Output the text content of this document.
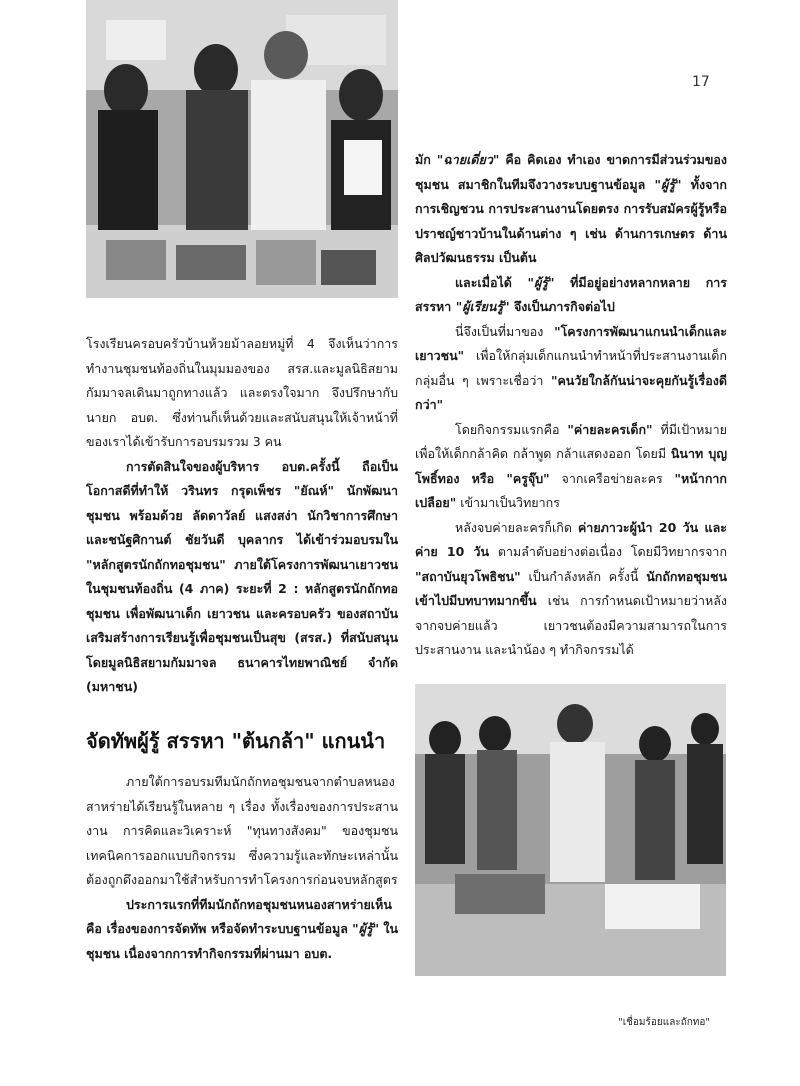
17

โรงเรียนครอบครัวบ้านห้วยม้าลอยหมู่ที่ 4 จึงเห็นว่าการทำงานชุมชนท้องถิ่นในมุมมองของ สรส.และมูลนิธิสยามกัมมาจลเดินมาถูกทางแล้ว และตรงใจมาก จึงปรึกษากับนายก อบต. ซึ่งท่านก็เห็นด้วยและสนับสนุนให้เจ้าหน้าที่ของเราได้เข้ารับการอบรมรวม 3 คน

การตัดสินใจของผู้บริหาร อบต.ครั้งนี้ ถือเป็นโอกาสดีที่ทำให้ วรินทร กรุดเพ็ชร "ยัณห์" นักพัฒนาชุมชน พร้อมด้วย ลัดดาวัลย์ แสงสง่า นักวิชาการศึกษา และชนัฐศิกานต์ ชัยวันดี บุคลากร ได้เข้าร่วมอบรมใน "หลักสูตรนักถักทอชุมชน" ภายใต้โครงการพัฒนาเยาวชนในชุมชนท้องถิ่น (4 ภาค) ระยะที่ 2 : หลักสูตรนักถักทอชุมชน เพื่อพัฒนาเด็ก เยาวชน และครอบครัว ของสถาบันเสริมสร้างการเรียนรู้เพื่อชุมชนเป็นสุข (สรส.) ที่สนับสนุนโดยมูลนิธิสยามกัมมาจล ธนาคารไทยพาณิชย์ จำกัด (มหาชน)

จัดทัพผู้รู้ สรรหา "ต้นกล้า" แกนนำ

ภายใต้การอบรมทีมนักถักทอชุมชนจากตำบลหนองสาหร่ายได้เรียนรู้ในหลาย ๆ เรื่อง ทั้งเรื่องของการประสานงาน การคิดและวิเคราะห์ "ทุนทางสังคม" ของชุมชน เทคนิคการออกแบบกิจกรรม ซึ่งความรู้และทักษะเหล่านั้น ต้องถูกดึงออกมาใช้สำหรับการทำโครงการก่อนจบหลักสูตร

ประการแรกที่ทีมนักถักทอชุมชนหนองสาหร่ายเห็นคือ เรื่องของการจัดทัพ หรือจัดทำระบบฐานข้อมูล "ผู้รู้" ในชุมชน เนื่องจากการทำกิจกรรมที่ผ่านมา อบต.

มัก "ฉายเดี่ยว" คือ คิดเอง ทำเอง ขาดการมีส่วนร่วมของชุมชน สมาชิกในทีมจึงวางระบบฐานข้อมูล "ผู้รู้" ทั้งจากการเชิญชวน การประสานงานโดยตรง การรับสมัครผู้รู้หรือปราชญ์ชาวบ้านในด้านต่าง ๆ เช่น ด้านการเกษตร ด้านศิลปวัฒนธรรม เป็นต้น

และเมื่อได้ "ผู้รู้" ที่มีอยู่อย่างหลากหลาย การสรรหา "ผู้เรียนรู้" จึงเป็นภารกิจต่อไป

นี่จึงเป็นที่มาของ "โครงการพัฒนาแกนนำเด็กและเยาวชน" เพื่อให้กลุ่มเด็กแกนนำทำหน้าที่ประสานงานเด็กกลุ่มอื่น ๆ เพราะเชื่อว่า "คนวัยใกล้กันน่าจะคุยกันรู้เรื่องดีกว่า"

โดยกิจกรรมแรกคือ "ค่ายละครเด็ก" ที่มีเป้าหมายเพื่อให้เด็กกล้าคิด กล้าพูด กล้าแสดงออก โดยมี นินาท บุญโพธิ์ทอง หรือ "ครูจุ๊บ" จากเครือข่ายละคร "หน้ากากเปลือย" เข้ามาเป็นวิทยากร

หลังจบค่ายละครก็เกิด ค่ายภาวะผู้นำ 20 วัน และค่าย 10 วัน ตามลำดับอย่างต่อเนื่อง โดยมีวิทยากรจาก "สถาบันยุวโพธิชน" เป็นกำลังหลัก ครั้งนี้ นักถักทอชุมชนเข้าไปมีบทบาทมากขึ้น เช่น การกำหนดเป้าหมายว่าหลังจากจบค่ายแล้ว เยาวชนต้องมีความสามารถในการประสานงาน และนำน้อง ๆ ทำกิจกรรมได้

"เชื่อมร้อยและถักทอ"
